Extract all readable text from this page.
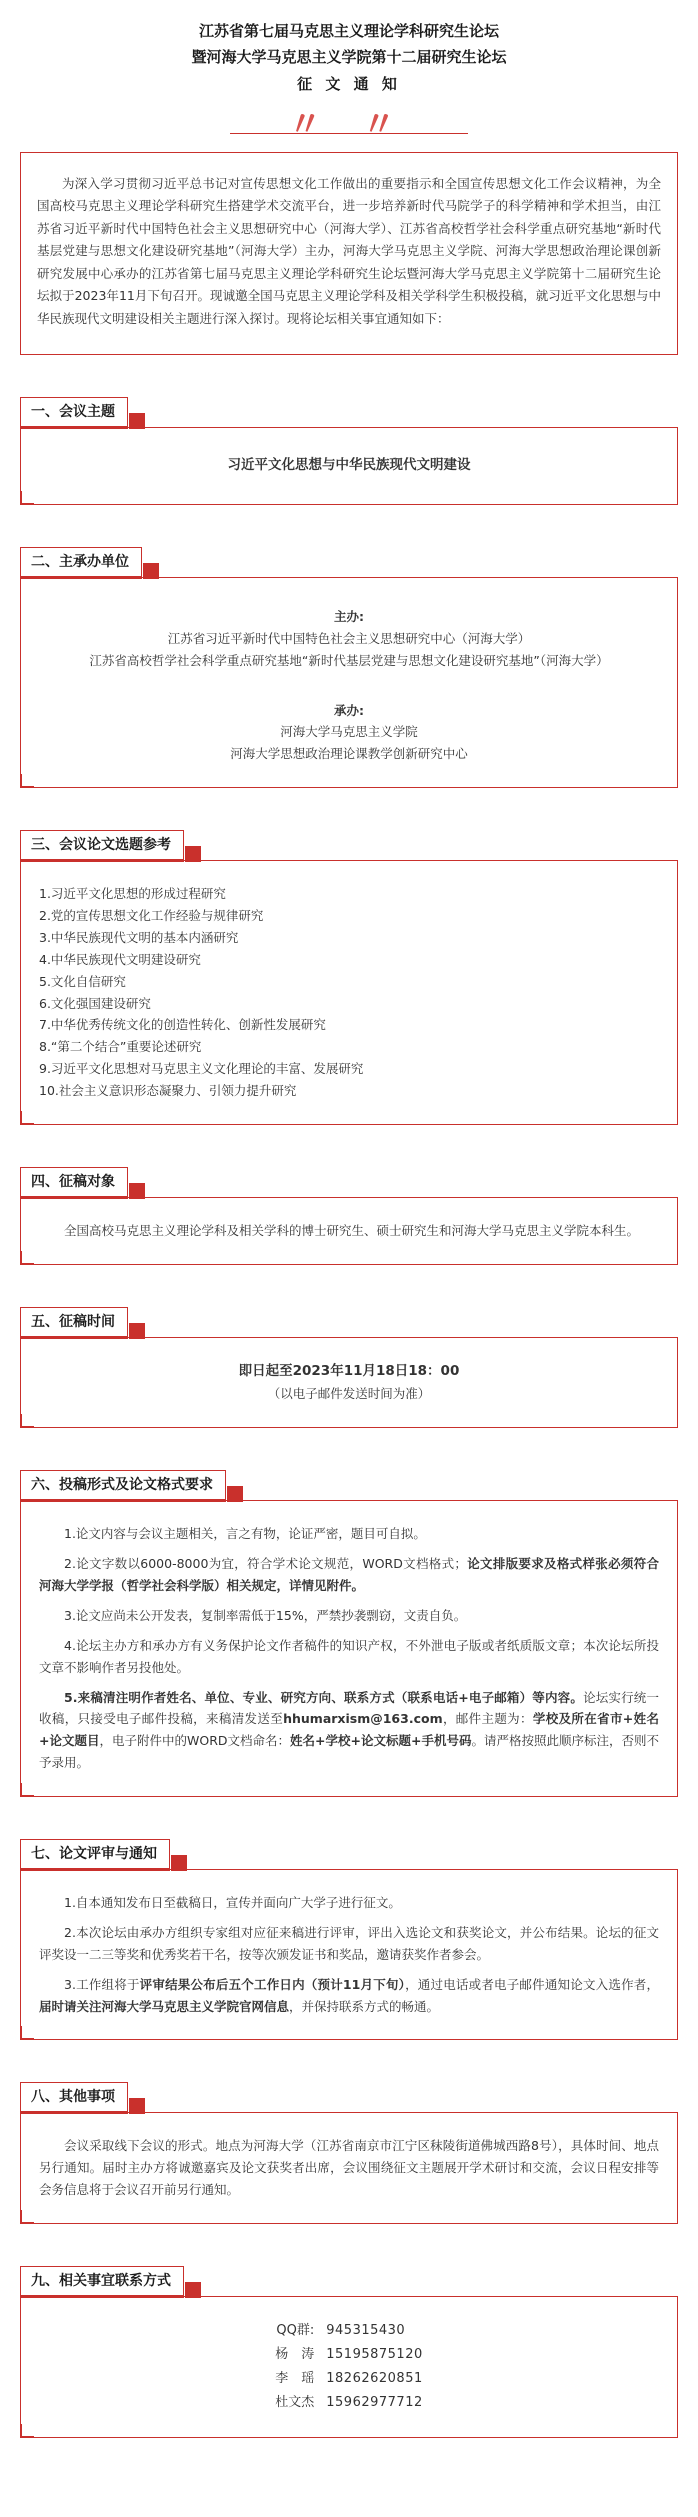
江苏省第七届马克思主义理论学科研究生论坛
暨河海大学马克思主义学院第十二届研究生论坛
征 文 通 知
〃 〃

为深入学习贯彻习近平总书记对宣传思想文化工作做出的重要指示和全国宣传思想文化工作会议精神，为全国高校马克思主义理论学科研究生搭建学术交流平台，进一步培养新时代马院学子的科学精神和学术担当，由江苏省习近平新时代中国特色社会主义思想研究中心（河海大学）、江苏省高校哲学社会科学重点研究基地“新时代基层党建与思想文化建设研究基地”（河海大学）主办，河海大学马克思主义学院、河海大学思想政治理论课创新研究发展中心承办的江苏省第七届马克思主义理论学科研究生论坛暨河海大学马克思主义学院第十二届研究生论坛拟于2023年11月下旬召开。现诚邀全国马克思主义理论学科及相关学科学生积极投稿，就习近平文化思想与中华民族现代文明建设相关主题进行深入探讨。现将论坛相关事宜通知如下：

一、会议主题
习近平文化思想与中华民族现代文明建设
二、主承办单位
主办:
江苏省习近平新时代中国特色社会主义思想研究中心（河海大学）
江苏省高校哲学社会科学重点研究基地“新时代基层党建与思想文化建设研究基地”（河海大学）
承办:
河海大学马克思主义学院
河海大学思想政治理论课教学创新研究中心
三、会议论文选题参考
1.习近平文化思想的形成过程研究
2.党的宣传思想文化工作经验与规律研究
3.中华民族现代文明的基本内涵研究
4.中华民族现代文明建设研究
5.文化自信研究
6.文化强国建设研究
7.中华优秀传统文化的创造性转化、创新性发展研究
8.“第二个结合”重要论述研究
9.习近平文化思想对马克思主义文化理论的丰富、发展研究
10.社会主义意识形态凝聚力、引领力提升研究
四、征稿对象

全国高校马克思主义理论学科及相关学科的博士研究生、硕士研究生和河海大学马克思主义学院本科生。

五、征稿时间
即日起至2023年11月18日18：00
（以电子邮件发送时间为准）
六、投稿形式及论文格式要求

1.论文内容与会议主题相关，言之有物，论证严密，题目可自拟。

2.论文字数以6000-8000为宜，符合学术论文规范，WORD文档格式；论文排版要求及格式样张必须符合河海大学学报（哲学社会科学版）相关规定，详情见附件。

3.论文应尚未公开发表，复制率需低于15%，严禁抄袭剽窃，文责自负。

4.论坛主办方和承办方有义务保护论文作者稿件的知识产权，不外泄电子版或者纸质版文章；本次论坛所投文章不影响作者另投他处。

5.来稿清注明作者姓名、单位、专业、研究方向、联系方式（联系电话+电子邮箱）等内容。论坛实行统一收稿，只接受电子邮件投稿，来稿清发送至hhumarxism@163.com，邮件主题为：学校及所在省市+姓名+论文题目，电子附件中的WORD文档命名：姓名+学校+论文标题+手机号码。请严格按照此顺序标注，否则不予录用。

七、论文评审与通知

1.自本通知发布日至截稿日，宣传并面向广大学子进行征文。

2.本次论坛由承办方组织专家组对应征来稿进行评审，评出入选论文和获奖论文，并公布结果。论坛的征文评奖设一二三等奖和优秀奖若干名，按等次颁发证书和奖品，邀请获奖作者参会。

3.工作组将于评审结果公布后五个工作日内（预计11月下旬），通过电话或者电子邮件通知论文入选作者，届时请关注河海大学马克思主义学院官网信息，并保持联系方式的畅通。

八、其他事项

会议采取线下会议的形式。地点为河海大学（江苏省南京市江宁区秣陵街道佛城西路8号），具体时间、地点另行通知。届时主办方将诚邀嘉宾及论文获奖者出席，会议围绕征文主题展开学术研讨和交流，会议日程安排等会务信息将于会议召开前另行通知。

九、相关事宜联系方式
QQ群:	945315430
杨　涛	15195875120
李　瑶	18262620851
杜文杰	15962977712
